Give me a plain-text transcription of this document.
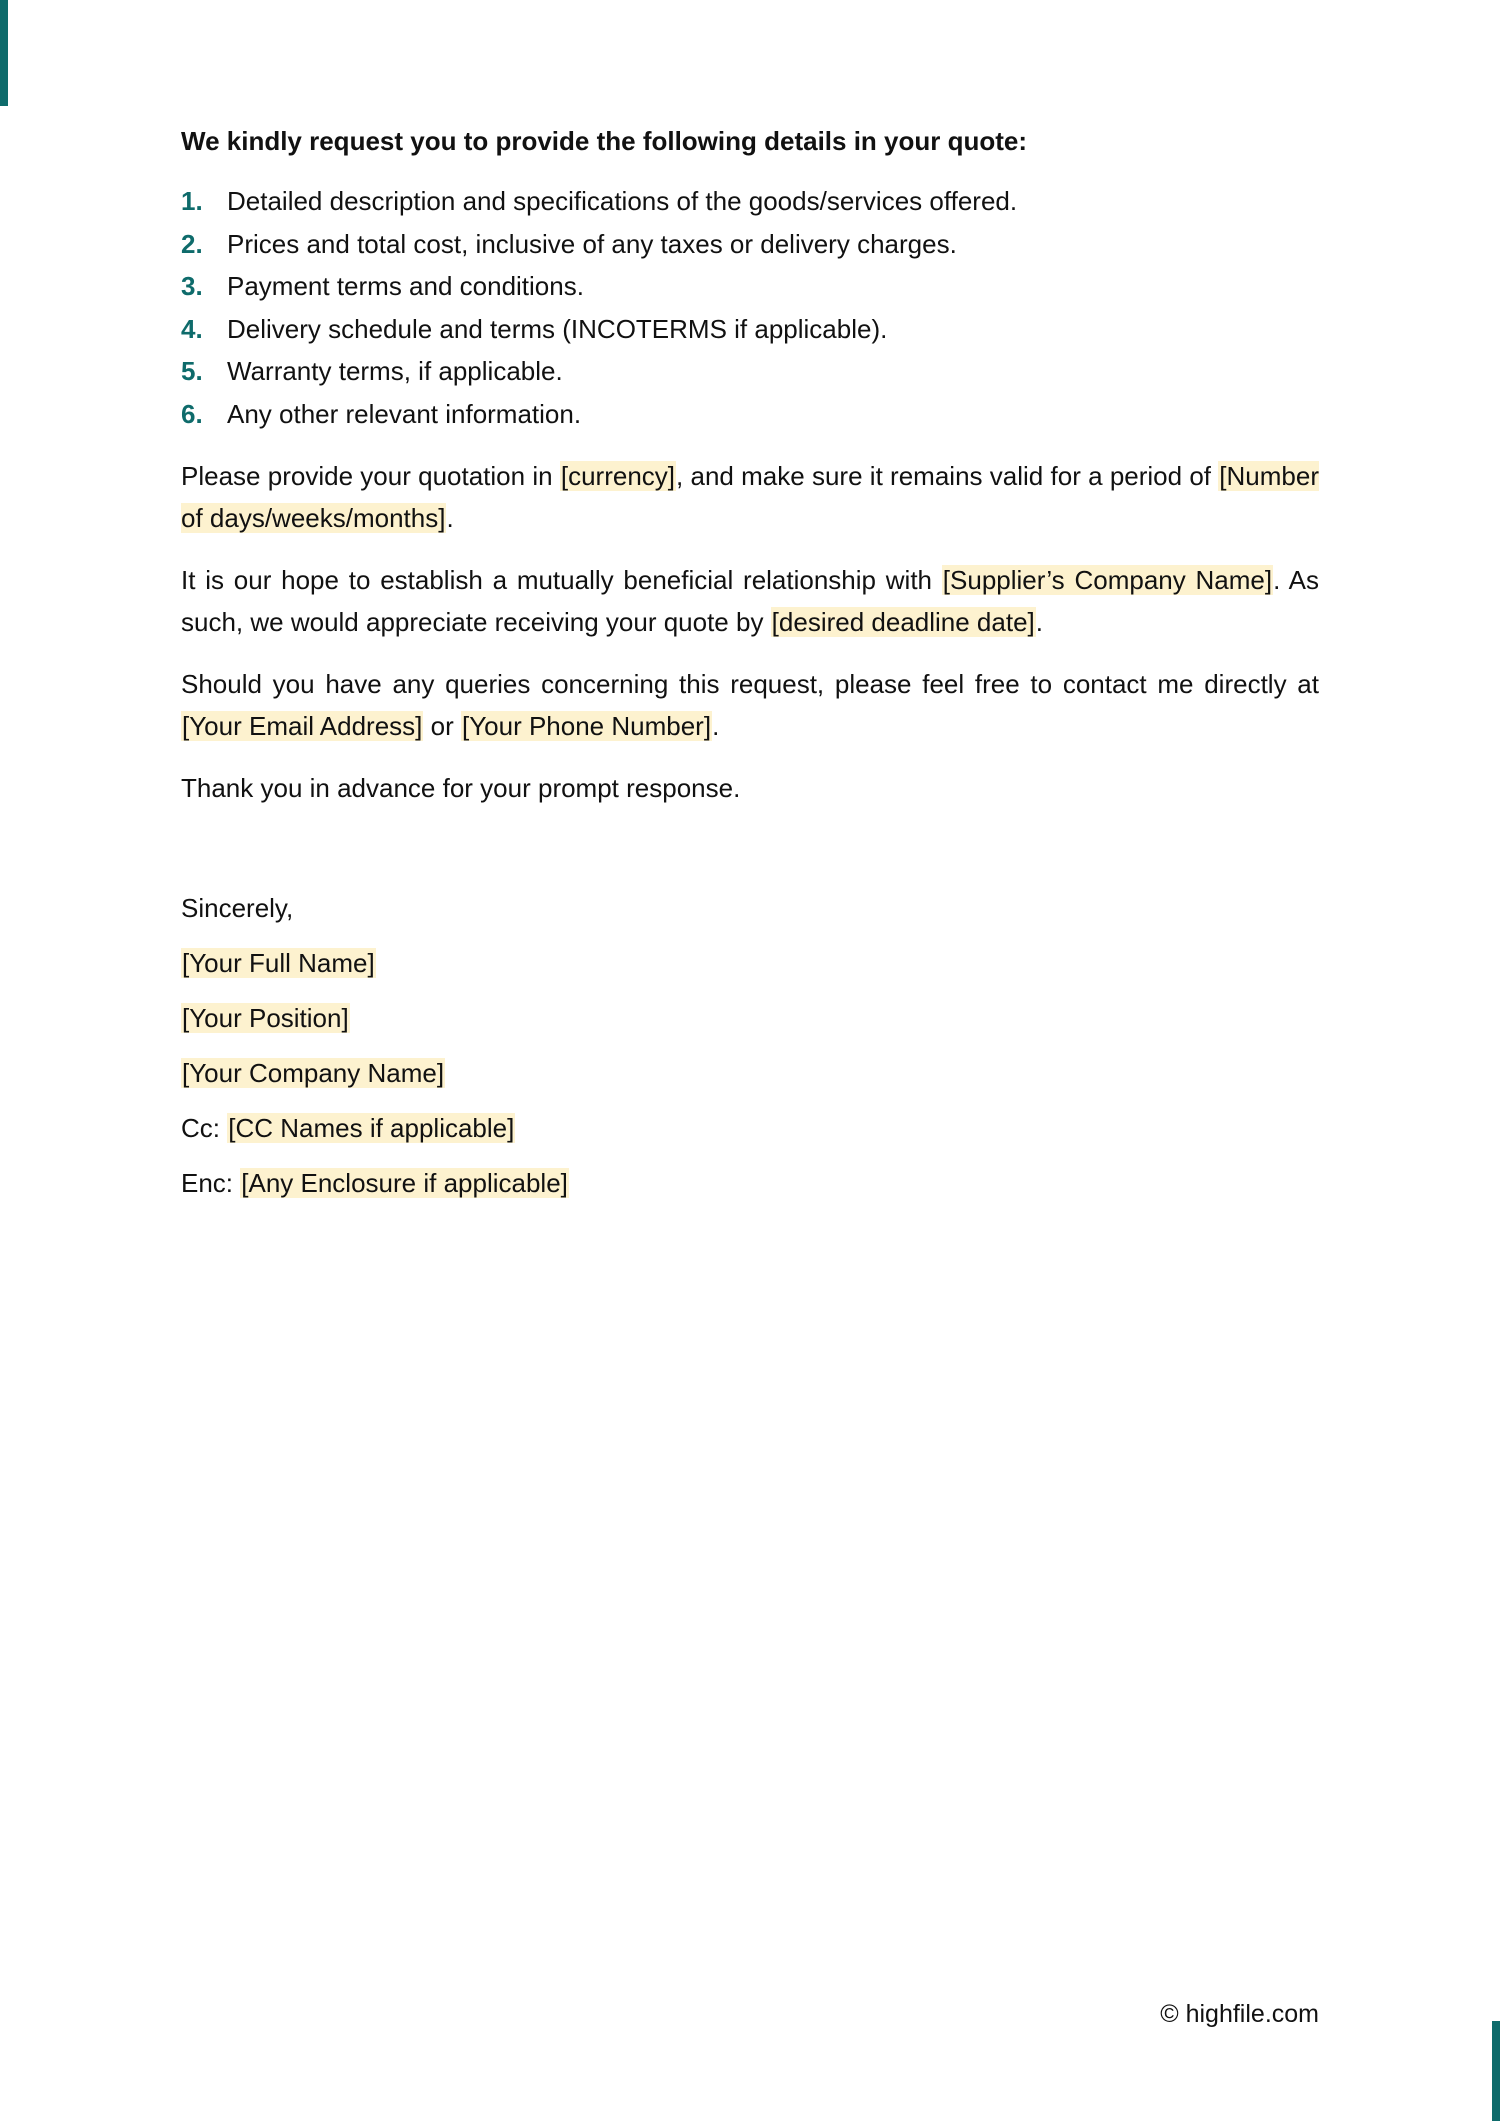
We kindly request you to provide the following details in your quote:

1. Detailed description and specifications of the goods/services offered.
2. Prices and total cost, inclusive of any taxes or delivery charges.
3. Payment terms and conditions.
4. Delivery schedule and terms (INCOTERMS if applicable).
5. Warranty terms, if applicable.
6. Any other relevant information.

Please provide your quotation in [currency], and make sure it remains valid for a period of [Number of days/weeks/months].

It is our hope to establish a mutually beneficial relationship with [Supplier’s Company Name]. As such, we would appreciate receiving your quote by [desired deadline date].

Should you have any queries concerning this request, please feel free to contact me directly at [Your Email Address] or [Your Phone Number].

Thank you in advance for your prompt response.

Sincerely,

[Your Full Name]

[Your Position]

[Your Company Name]

Cc: [CC Names if applicable]

Enc: [Any Enclosure if applicable]

© highfile.com
